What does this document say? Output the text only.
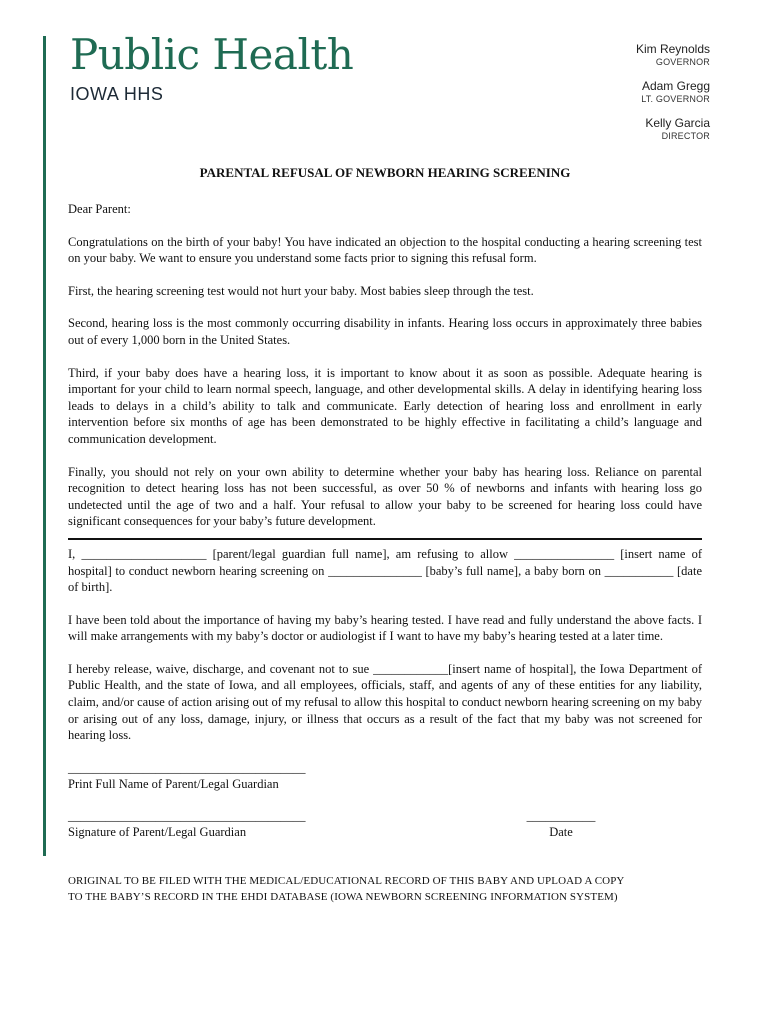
Public Health
IOWA HHS
Kim Reynolds
GOVERNOR
Adam Gregg
LT. GOVERNOR
Kelly Garcia
DIRECTOR
PARENTAL REFUSAL OF NEWBORN HEARING SCREENING

Dear Parent:

Congratulations on the birth of your baby! You have indicated an objection to the hospital conducting a hearing screening test on your baby. We want to ensure you understand some facts prior to signing this refusal form.

First, the hearing screening test would not hurt your baby. Most babies sleep through the test.

Second, hearing loss is the most commonly occurring disability in infants. Hearing loss occurs in approximately three babies out of every 1,000 born in the United States.

Third, if your baby does have a hearing loss, it is important to know about it as soon as possible. Adequate hearing is important for your child to learn normal speech, language, and other developmental skills. A delay in identifying hearing loss leads to delays in a child’s ability to talk and communicate. Early detection of hearing loss and enrollment in early intervention before six months of age has been demonstrated to be highly effective in facilitating a child’s language and communication development.

Finally, you should not rely on your own ability to determine whether your baby has hearing loss. Reliance on parental recognition to detect hearing loss has not been successful, as over 50 % of newborns and infants with hearing loss go undetected until the age of two and a half. Your refusal to allow your baby to be screened for hearing loss could have significant consequences for your baby’s future development.

I, ____________________ [parent/legal guardian full name], am refusing to allow ________________ [insert name of hospital] to conduct newborn hearing screening on _______________ [baby’s full name], a baby born on ___________ [date of birth].

I have been told about the importance of having my baby’s hearing tested. I have read and fully understand the above facts. I will make arrangements with my baby’s doctor or audiologist if I want to have my baby’s hearing tested at a later time.

I hereby release, waive, discharge, and covenant not to sue ____________[insert name of hospital], the Iowa Department of Public Health, and the state of Iowa, and all employees, officials, staff, and agents of any of these entities for any liability, claim, and/or cause of action arising out of my refusal to allow this hospital to conduct newborn hearing screening on my baby or arising out of any loss, damage, injury, or illness that occurs as a result of the fact that my baby was not screened for hearing loss.

______________________________________
Print Full Name of Parent/Legal Guardian
______________________________________
Signature of Parent/Legal Guardian
___________
Date
ORIGINAL TO BE FILED WITH THE MEDICAL/EDUCATIONAL RECORD OF THIS BABY AND UPLOAD A COPY
TO THE BABY’S RECORD IN THE EHDI DATABASE (IOWA NEWBORN SCREENING INFORMATION SYSTEM)
